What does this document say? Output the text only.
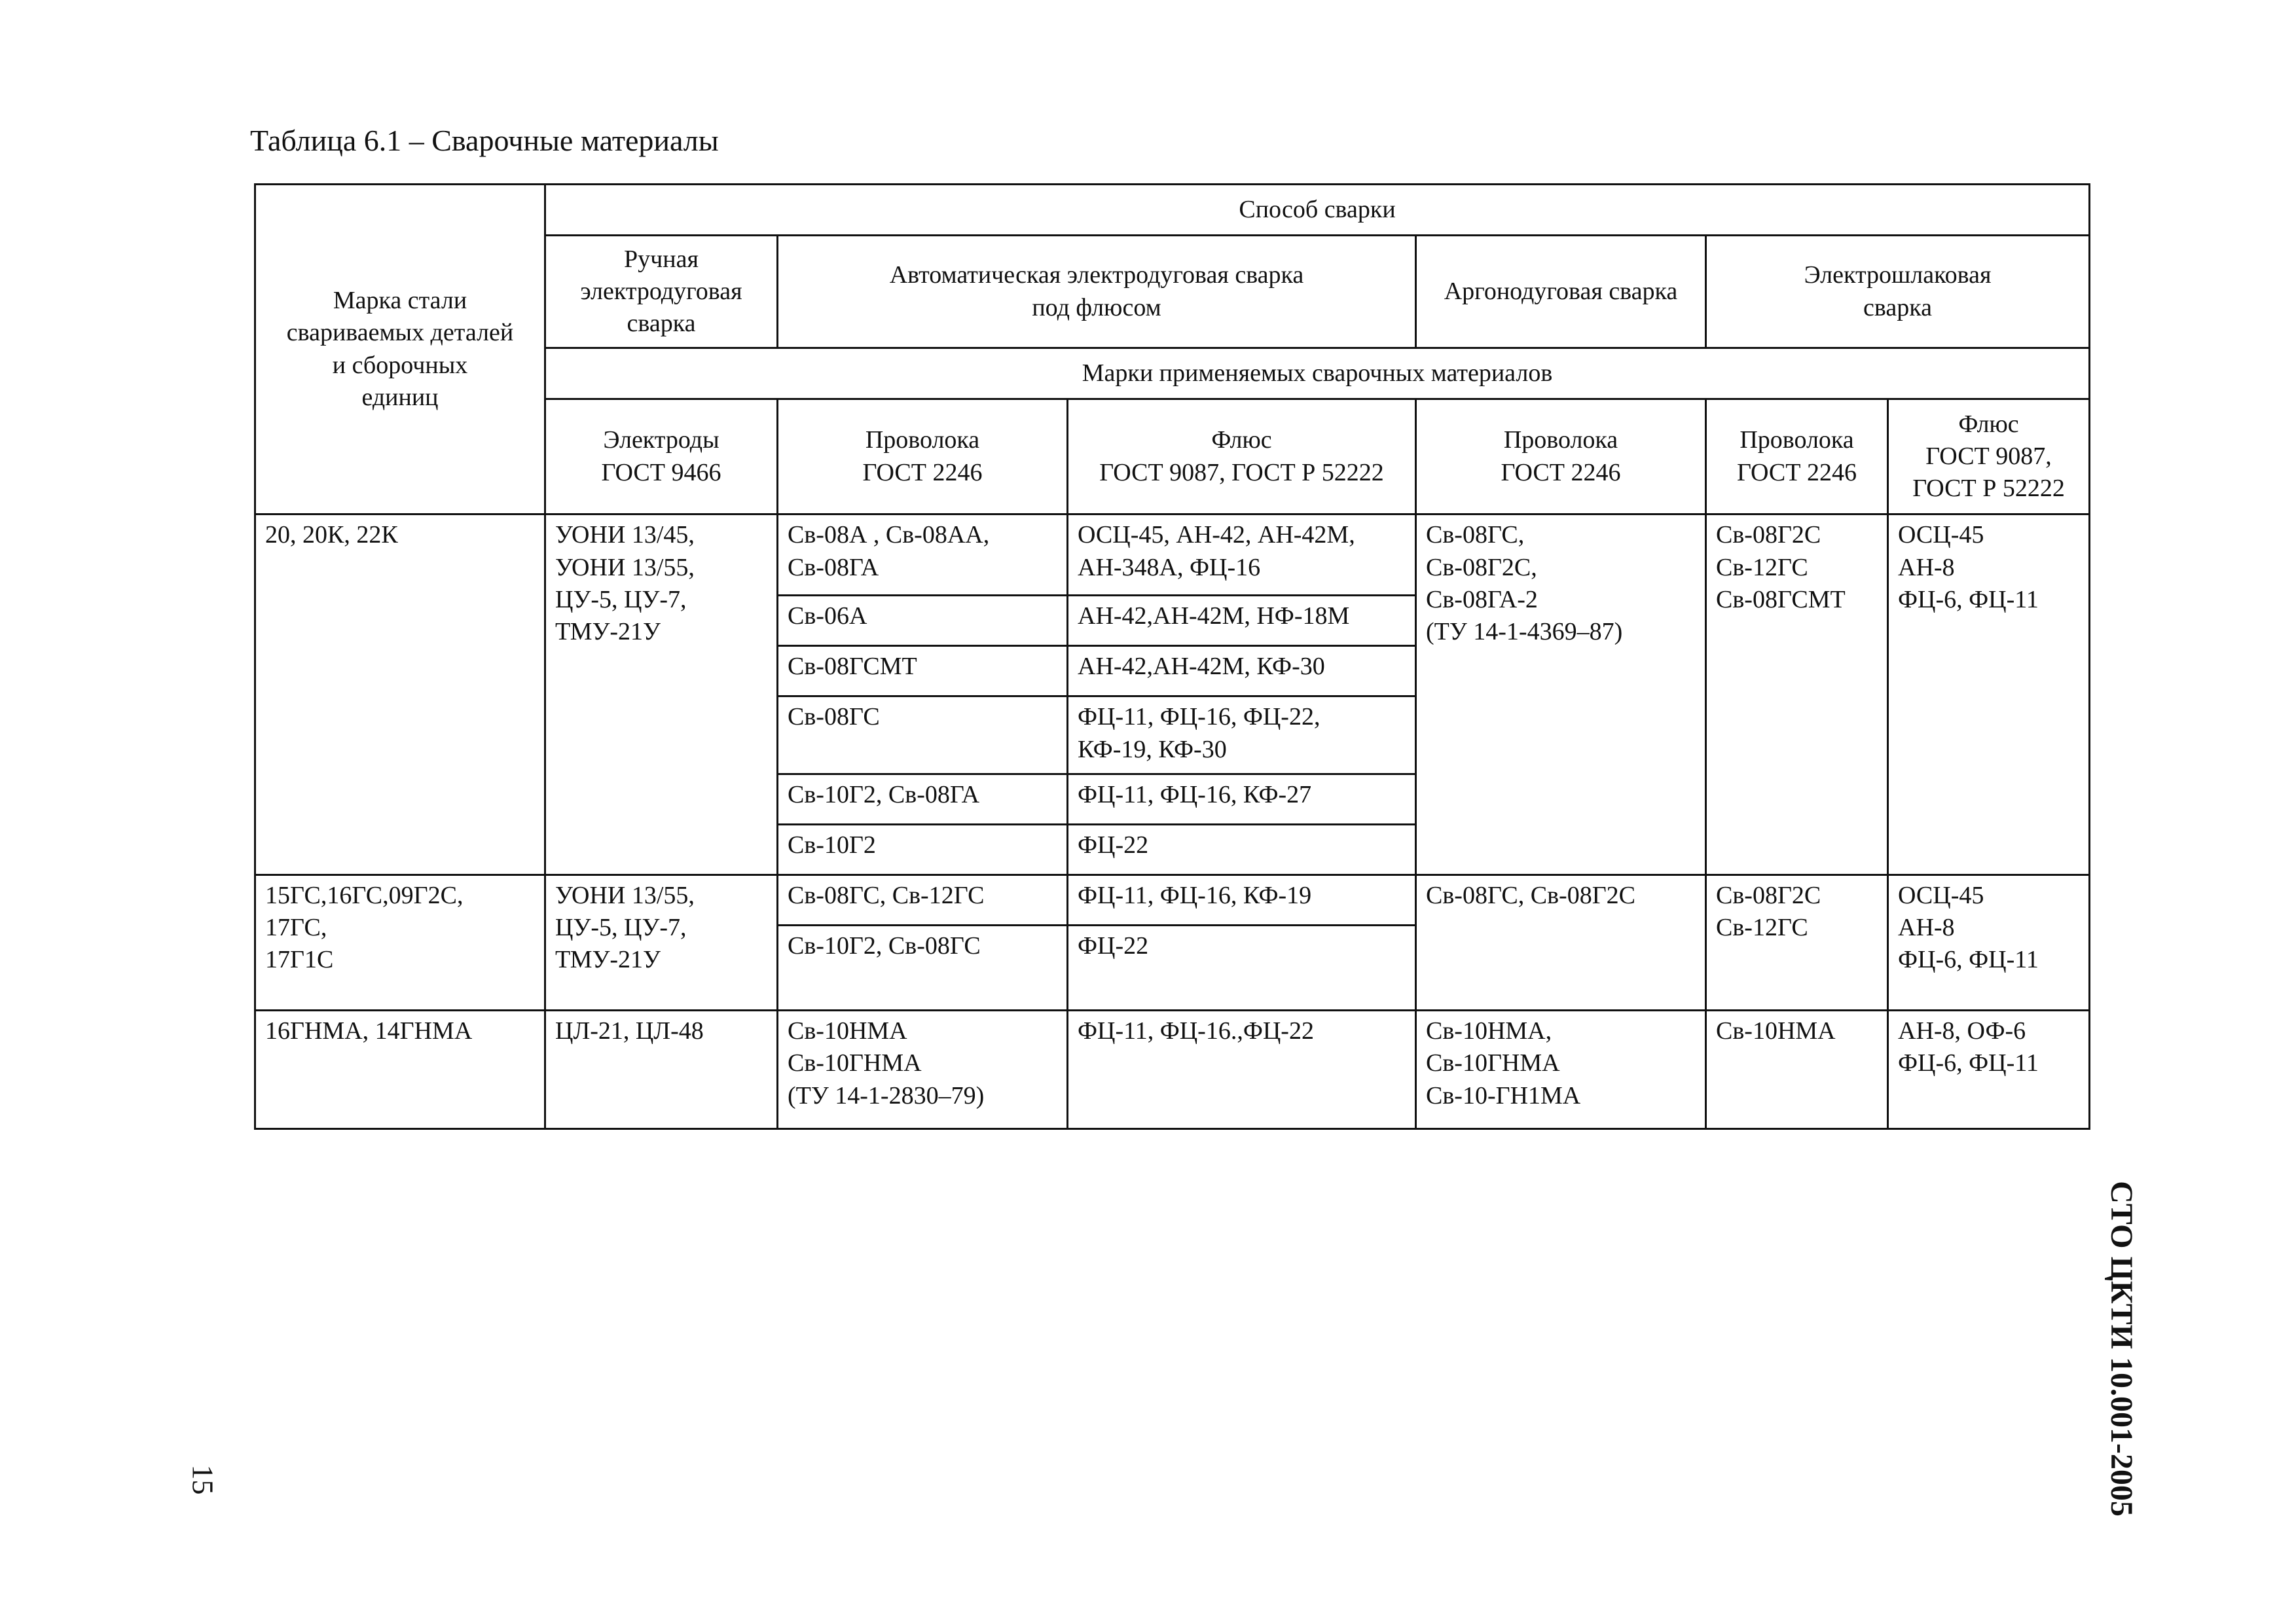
Таблица 6.1 – Сварочные материалы
Марка стали
свариваемых деталей
и сборочных
единиц	Способ сварки					
	Ручная
электродуговая
сварка	Автоматическая электродуговая сварка
под флюсом		Аргонодуговая сварка	Электрошлаковая
сварка	
	Марки применяемых сварочных материалов					
	Электроды
ГОСТ 9466	Проволока
ГОСТ 2246	Флюс
ГОСТ 9087, ГОСТ Р 52222	Проволока
ГОСТ 2246	Проволока
ГОСТ 2246	Флюс
ГОСТ 9087,
ГОСТ Р 52222
20, 20К, 22К	УОНИ 13/45,
УОНИ 13/55,
ЦУ-5, ЦУ-7,
ТМУ-21У	Св-08А , Св-08АА,
Св-08ГА	ОСЦ-45, АН-42, АН-42М,
АН-348А, ФЦ-16	Св-08ГС,
Св-08Г2С,
Св-08ГА-2
(ТУ 14-1-4369–87)	Св-08Г2С
Св-12ГС
Св-08ГСМТ	ОСЦ-45
АН-8
ФЦ-6, ФЦ-11
		Св-06А	АН-42,АН-42М, НФ-18М			
		Св-08ГСМТ	АН-42,АН-42М, КФ-30			
		Св-08ГС	ФЦ-11, ФЦ-16, ФЦ-22,
КФ-19, КФ-30			
		Св-10Г2, Св-08ГА	ФЦ-11, ФЦ-16, КФ-27			
		Св-10Г2	ФЦ-22			
15ГС,16ГС,09Г2С,
17ГС,
17Г1С	УОНИ 13/55,
ЦУ-5, ЦУ-7,
ТМУ-21У	Св-08ГС, Св-12ГС	ФЦ-11, ФЦ-16, КФ-19	Св-08ГС, Св-08Г2С	Св-08Г2С
Св-12ГС	ОСЦ-45
АН-8
ФЦ-6, ФЦ-11
		Св-10Г2, Св-08ГС	ФЦ-22			
16ГНМА, 14ГНМА	ЦЛ-21, ЦЛ-48	Св-10НМА
Св-10ГНМА
(ТУ 14-1-2830–79)	ФЦ-11, ФЦ-16.,ФЦ-22	Св-10НМА,
Св-10ГНМА
Св-10-ГН1МА	Св-10НМА	АН-8, ОФ-6
ФЦ-6, ФЦ-11
СТО ЦКТИ 10.001-2005
15
